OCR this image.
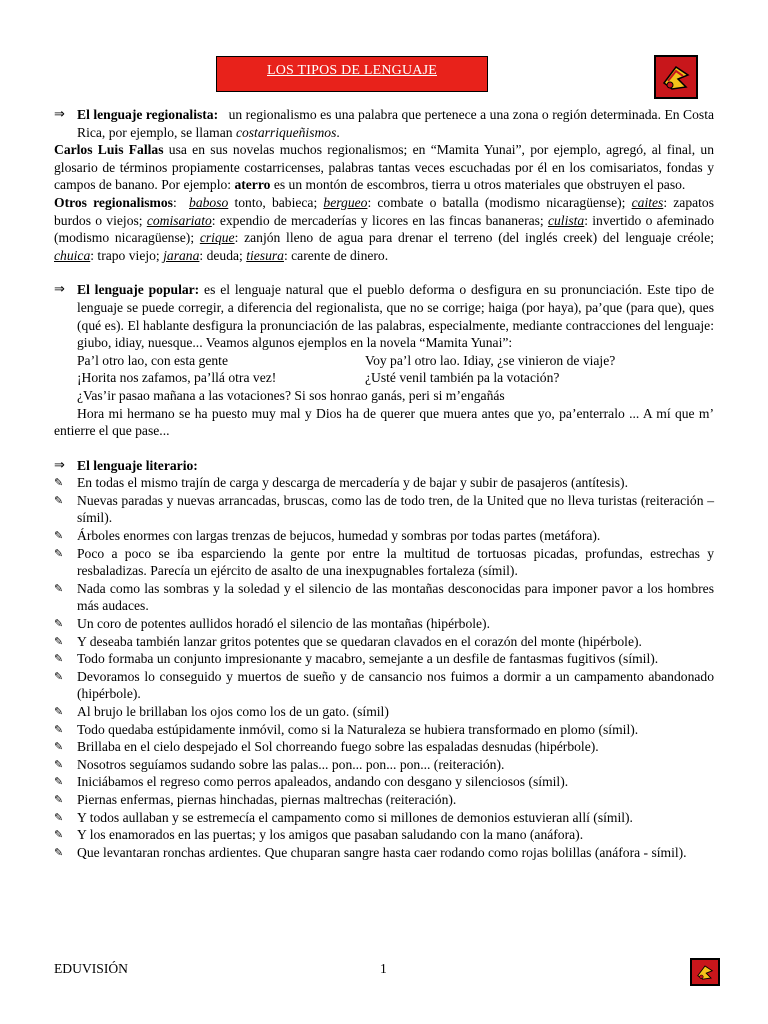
LOS TIPOS DE LENGUAJE
⇒ El lenguaje regionalista: un regionalismo es una palabra que pertenece a una zona o región determinada. En Costa Rica, por ejemplo, se llaman costarriqueñismos.

Carlos Luis Fallas usa en sus novelas muchos regionalismos; en “Mamita Yunai”, por ejemplo, agregó, al final, un glosario de términos propiamente costarricenses, palabras tantas veces escuchadas por él en los comisariatos, fondas y campos de banano. Por ejemplo: aterro es un montón de escombros, tierra u otros materiales que obstruyen el paso.

Otros regionalismos:  baboso tonto, babieca; bergueo: combate o batalla (modismo nicaragüense); caites: zapatos burdos o viejos; comisariato: expendio de mercaderías y licores en las fincas bananeras; culista: invertido o afeminado (modismo nicaragüense); crique: zanjón lleno de agua para drenar el terreno (del inglés creek) del lenguaje créole; chuica: trapo viejo; jarana: deuda; tiesura: carente de dinero.

⇒ El lenguaje popular: es el lenguaje natural que el pueblo deforma o desfigura en su pronunciación. Este tipo de lenguaje se puede corregir, a diferencia del regionalista, que no se corrige; haiga (por haya), pa’que (para que), ques (qué es). El hablante desfigura la pronunciación de las palabras, especialmente, mediante contracciones del lenguaje: giubo, idiay, nuesque... Veamos algunos ejemplos en la novela “Mamita Yunai”:
Pa’l otro lao, con esta gente	Voy pa’l otro lao. Idiay, ¿se vinieron de viaje?
¡Horita nos zafamos, pa’llá otra vez!	¿Usté venil también pa la votación?
¿Vas’ir pasao mañana a las votaciones? Si sos honrao ganás, peri si m’engañás
Hora mi hermano se ha puesto muy mal y Dios ha de querer que muera antes que yo, pa’enterralo ... A mí que m’ entierre el que pase...
⇒ El lenguaje literario:
✎ En todas el mismo trajín de carga y descarga de mercadería y de bajar y subir de pasajeros (antítesis).
✎ Nuevas paradas y nuevas arrancadas, bruscas, como las de todo tren, de la United que no lleva turistas (reiteración – símil).
✎ Árboles enormes con largas trenzas de bejucos, humedad y sombras por todas partes (metáfora).
✎ Poco a poco se iba esparciendo la gente por entre la multitud de tortuosas picadas, profundas, estrechas y resbaladizas. Parecía un ejército de asalto de una inexpugnables fortaleza (símil).
✎ Nada como las sombras y la soledad y el silencio de las montañas desconocidas para imponer pavor a los hombres más audaces.
✎ Un coro de potentes aullidos horadó el silencio de las montañas (hipérbole).
✎ Y deseaba también lanzar gritos potentes que se quedaran clavados en el corazón del monte (hipérbole).
✎ Todo formaba un conjunto impresionante y macabro, semejante a un desfile de fantasmas fugitivos (símil).
✎ Devoramos lo conseguido y muertos de sueño y de cansancio nos fuimos a dormir a un campamento abandonado (hipérbole).
✎ Al brujo le brillaban los ojos como los de un gato. (símil)
✎ Todo quedaba estúpidamente inmóvil, como si la Naturaleza se hubiera transformado en plomo (símil).
✎ Brillaba en el cielo despejado el Sol chorreando fuego sobre las espaladas desnudas (hipérbole).
✎ Nosotros seguíamos sudando sobre las palas... pon... pon... pon... (reiteración).
✎ Iniciábamos el regreso como perros apaleados, andando con desgano y silenciosos (símil).
✎ Piernas enfermas, piernas hinchadas, piernas maltrechas (reiteración).
✎ Y todos aullaban y se estremecía el campamento como si millones de demonios estuvieran allí (símil).
✎ Y los enamorados en las puertas; y los amigos que pasaban saludando con la mano (anáfora).
✎ Que levantaran ronchas ardientes. Que chuparan sangre hasta caer rodando como rojas bolillas (anáfora - símil).
EDUVISIÓN	1
